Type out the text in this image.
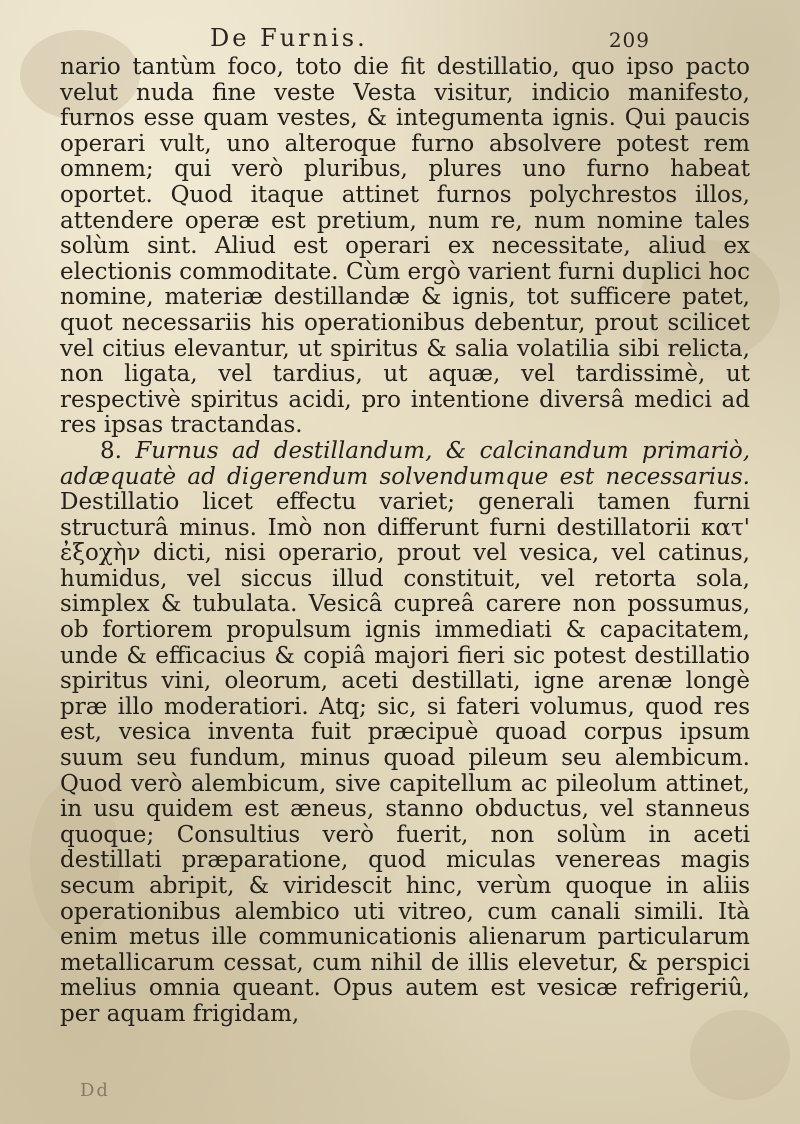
De Furnis.	209

nario tantùm foco, toto die fit destillatio, quo ipso pacto velut nuda fine veste Vesta visitur, indicio manifesto, furnos esse quam vestes, & integumenta ignis. Qui paucis operari vult, uno alteroque furno absolvere potest rem omnem; qui verò pluribus, plures uno furno habeat oportet. Quod itaque attinet furnos polychrestos illos, attendere operæ est pretium, num re, num nomine tales solùm sint. Aliud est operari ex necessitate, aliud ex electionis commoditate. Cùm ergò varient furni duplici hoc nomine, materiæ destillandæ & ignis, tot sufficere patet, quot necessariis his operationibus debentur, prout scilicet vel citius elevantur, ut spiritus & salia volatilia sibi relicta, non ligata, vel tardius, ut aquæ, vel tardissimè, ut respectivè spiritus acidi, pro intentione diversâ medici ad res ipsas tractandas.

8. Furnus ad destillandum, & calcinandum primariò, adæquatè ad digerendum solvendumque est necessarius. Destillatio licet effectu variet; generali tamen furni structurâ minus. Imò non differunt furni destillatorii κατ' ἐξοχὴν dicti, nisi operario, prout vel vesica, vel catinus, humidus, vel siccus illud constituit, vel retorta sola, simplex & tubulata. Vesicâ cupreâ carere non possumus, ob fortiorem propulsum ignis immediati & capacitatem, unde & efficacius & copiâ majori fieri sic potest destillatio spiritus vini, oleorum, aceti destillati, igne arenæ longè præ illo moderatiori. Atq; sic, si fateri volumus, quod res est, vesica inventa fuit præcipuè quoad corpus ipsum suum seu fundum, minus quoad pileum seu alembicum. Quod verò alembicum, sive capitellum ac pileolum attinet, in usu quidem est æneus, stanno obductus, vel stanneus quoque; Consultius verò fuerit, non solùm in aceti destillati præparatione, quod miculas venereas magis secum abripit, & viridescit hinc, verùm quoque in aliis operationibus alembico uti vitreo, cum canali simili. Ità enim metus ille communicationis alienarum particularum metallicarum cessat, cum nihil de illis elevetur, & perspici melius omnia queant. Opus autem est vesicæ refrigeriû, per aquam frigidam,

Dd
